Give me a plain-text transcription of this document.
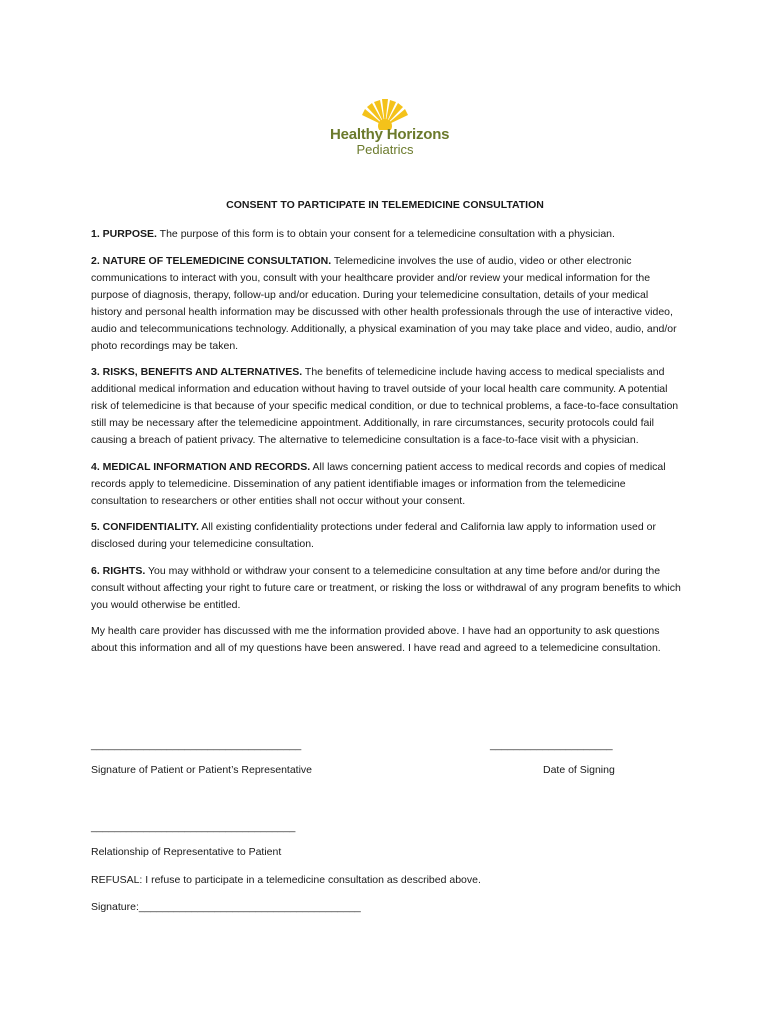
Healthy Horizons
Pediatrics
CONSENT TO PARTICIPATE IN TELEMEDICINE CONSULTATION

1. PURPOSE. The purpose of this form is to obtain your consent for a telemedicine consultation with a physician.

2. NATURE OF TELEMEDICINE CONSULTATION. Telemedicine involves the use of audio, video or other electronic communications to interact with you, consult with your healthcare provider and/or review your medical information for the purpose of diagnosis, therapy, follow-up and/or education. During your telemedicine consultation, details of your medical history and personal health information may be discussed with other health professionals through the use of interactive video, audio and telecommunications technology. Additionally, a physical examination of you may take place and video, audio, and/or photo recordings may be taken.

3. RISKS, BENEFITS AND ALTERNATIVES. The benefits of telemedicine include having access to medical specialists and additional medical information and education without having to travel outside of your local health care community. A potential risk of telemedicine is that because of your specific medical condition, or due to technical problems, a face-to-face consultation still may be necessary after the telemedicine appointment. Additionally, in rare circumstances, security protocols could fail causing a breach of patient privacy. The alternative to telemedicine consultation is a face-to-face visit with a physician.

4. MEDICAL INFORMATION AND RECORDS. All laws concerning patient access to medical records and copies of medical records apply to telemedicine. Dissemination of any patient identifiable images or information from the telemedicine consultation to researchers or other entities shall not occur without your consent.

5. CONFIDENTIALITY. All existing confidentiality protections under federal and California law apply to information used or disclosed during your telemedicine consultation.

6. RIGHTS. You may withhold or withdraw your consent to a telemedicine consultation at any time before and/or during the consult without affecting your right to future care or treatment, or risking the loss or withdrawal of any program benefits to which you would otherwise be entitled.

My health care provider has discussed with me the information provided above. I have had an opportunity to ask questions about this information and all of my questions have been answered. I have read and agreed to a telemedicine consultation.

____________________________________	_____________________
Signature of Patient or Patient’s Representative	Date of Signing
___________________________________
Relationship of Representative to Patient
REFUSAL: I refuse to participate in a telemedicine consultation as described above.
Signature:______________________________________
